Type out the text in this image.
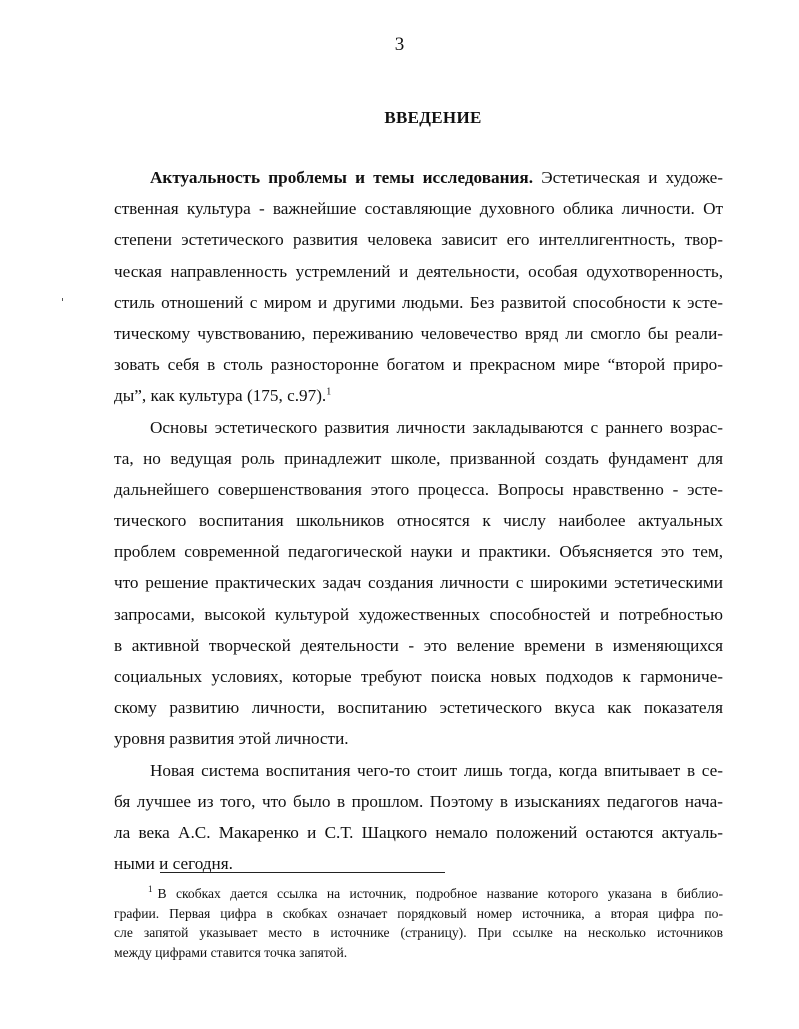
3
ВВЕДЕНИЕ
Актуальность проблемы и темы исследования. Эстетическая и художе-
ственная культура - важнейшие составляющие духовного облика личности. От
степени эстетического развития человека зависит его интеллигентность, твор-
ческая направленность устремлений и деятельности, особая одухотворенность,
стиль отношений с миром и другими людьми. Без развитой способности к эсте-
тическому чувствованию, переживанию человечество вряд ли смогло бы реали-
зовать себя в столь разносторонне богатом и прекрасном мире “второй приро-
ды”, как культура (175, с.97).$^1$
Основы эстетического развития личности закладываются с раннего возрас-
та, но ведущая роль принадлежит школе, призванной создать фундамент для
дальнейшего совершенствования этого процесса. Вопросы нравственно - эсте-
тического воспитания школьников относятся к числу наиболее актуальных
проблем современной педагогической науки и практики. Объясняется это тем,
что решение практических задач создания личности с широкими эстетическими
запросами, высокой культурой художественных способностей и потребностью
в активной творческой деятельности - это веление времени в изменяющихся
социальных условиях, которые требуют поиска новых подходов к гармониче-
скому развитию личности, воспитанию эстетического вкуса как показателя
уровня развития этой личности.
Новая система воспитания чего-то стоит лишь тогда, когда впитывает в се-
бя лучшее из того, что было в прошлом. Поэтому в изысканиях педагогов нача-
ла века А.С. Макаренко и С.Т. Шацкого немало положений остаются актуаль-
ными и сегодня.
$^1$ В скобках дается ссылка на источник, подробное название которого указана в библио-
графии. Первая цифра в скобках означает порядковый номер источника, а вторая цифра по-
сле запятой указывает место в источнике (страницу). При ссылке на несколько источников
между цифрами ставится точка запятой.
